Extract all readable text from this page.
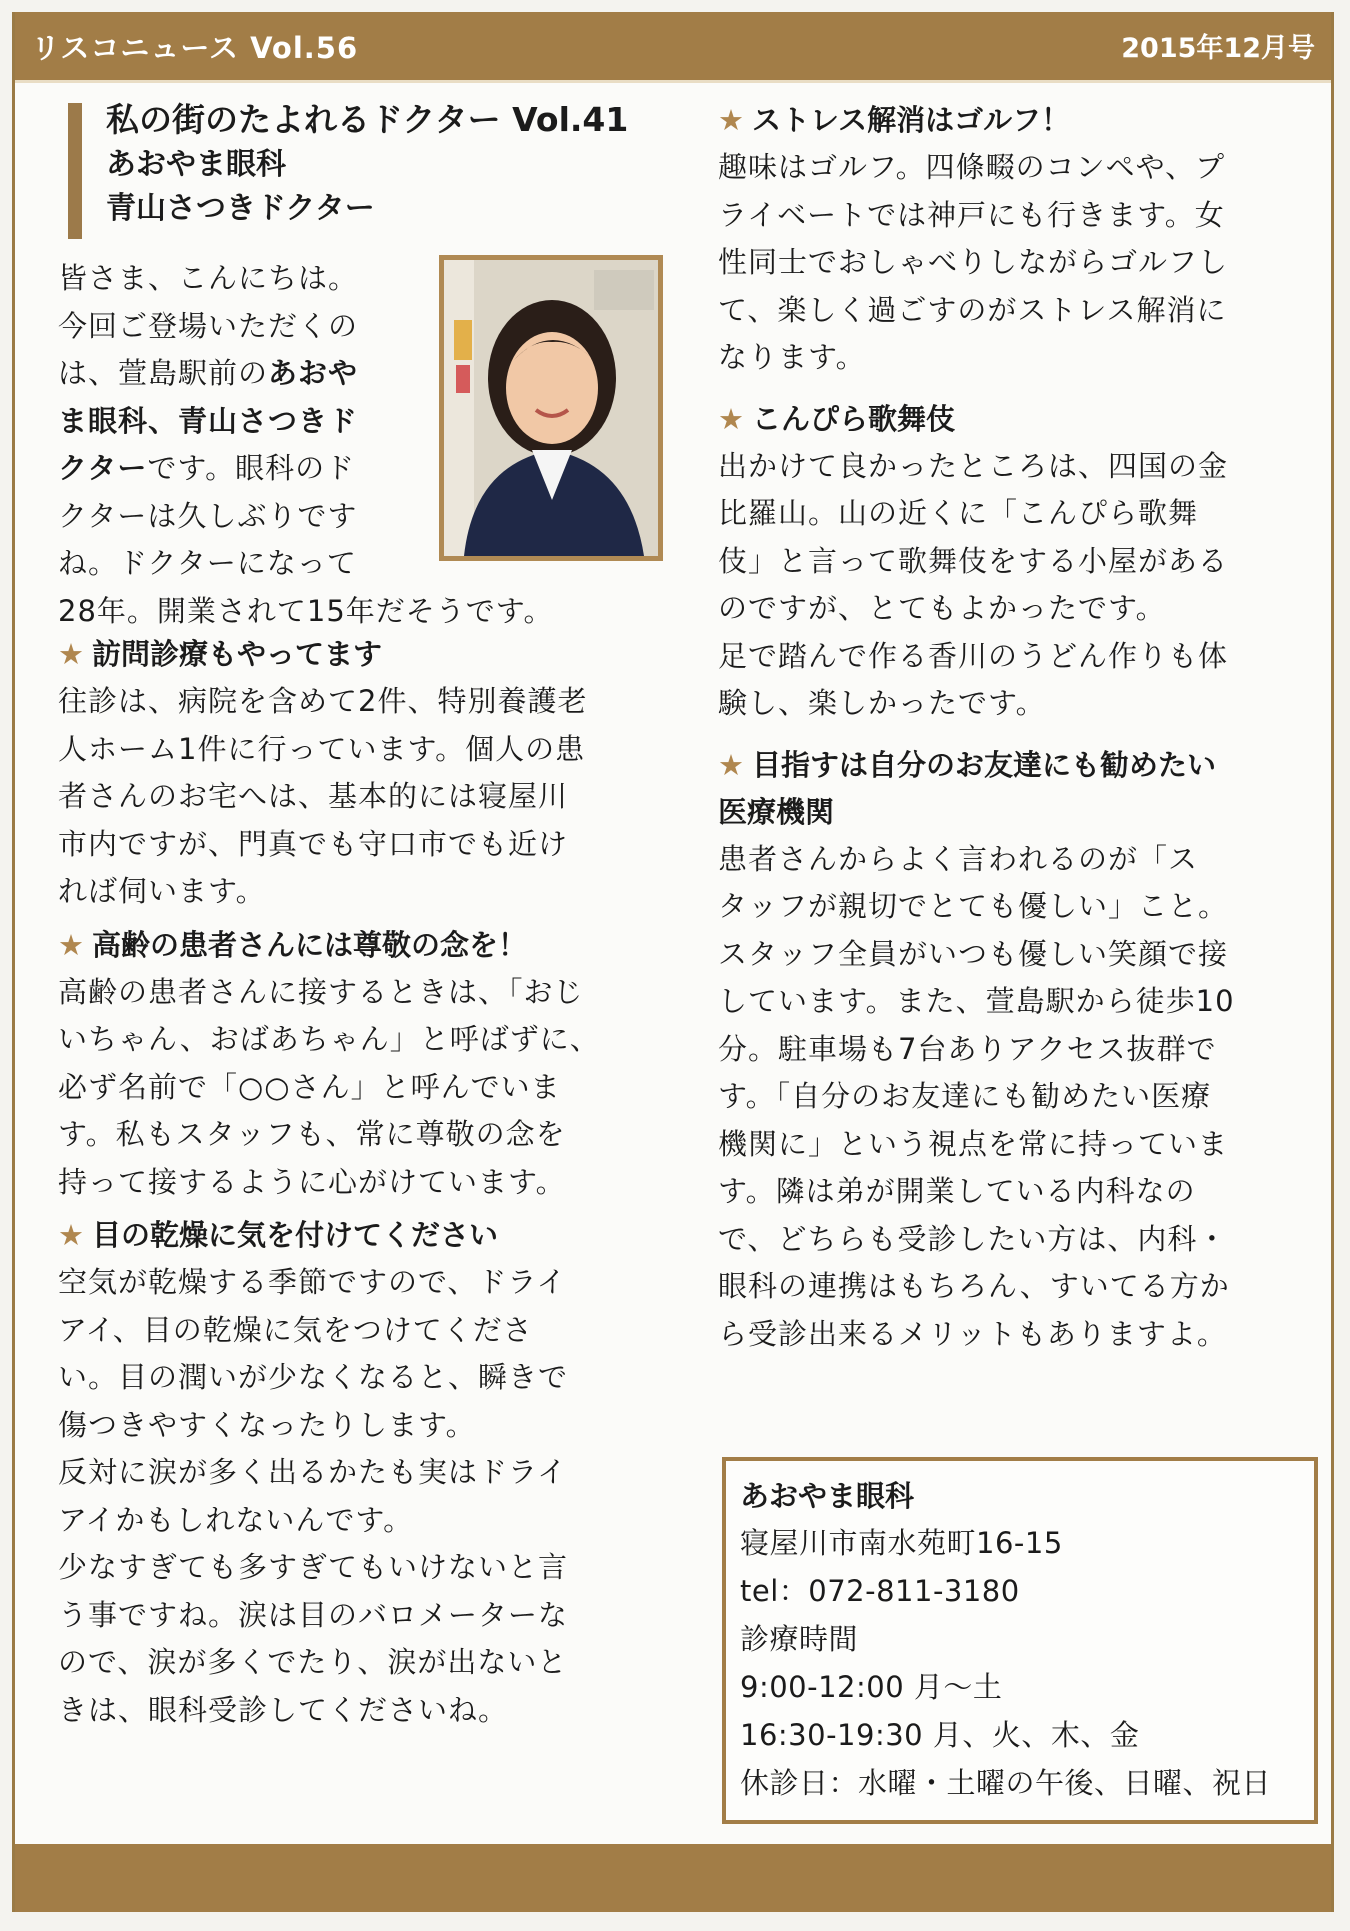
リスコニュース Vol.56	2015年12月号
私の街のたよれるドクター Vol.41
あおやま眼科
青山さつきドクター
皆さま、こんにちは。
今回ご登場いただくの
は、萱島駅前のあおや
ま眼科、青山さつきド
クターです。眼科のド
クターは久しぶりです
ね。ドクターになって
28年。開業されて15年だそうです。
★ 訪問診療もやってます
往診は、病院を含めて2件、特別養護老
人ホーム1件に行っています。個人の患
者さんのお宅へは、基本的には寝屋川
市内ですが、門真でも守口市でも近け
れば伺います。
★ 高齢の患者さんには尊敬の念を！
高齢の患者さんに接するときは、「おじ
いちゃん、おばあちゃん」と呼ばずに、
必ず名前で「○○さん」と呼んでいま
す。私もスタッフも、常に尊敬の念を
持って接するように心がけています。
★ 目の乾燥に気を付けてください
空気が乾燥する季節ですので、ドライ
アイ、目の乾燥に気をつけてくださ
い。目の潤いが少なくなると、瞬きで
傷つきやすくなったりします。
反対に涙が多く出るかたも実はドライ
アイかもしれないんです。
少なすぎても多すぎてもいけないと言
う事ですね。涙は目のバロメーターな
ので、涙が多くでたり、涙が出ないと
きは、眼科受診してくださいね。
★ ストレス解消はゴルフ！
趣味はゴルフ。四條畷のコンペや、プ
ライベートでは神戸にも行きます。女
性同士でおしゃべりしながらゴルフし
て、楽しく過ごすのがストレス解消に
なります。
★ こんぴら歌舞伎
出かけて良かったところは、四国の金
比羅山。山の近くに「こんぴら歌舞
伎」と言って歌舞伎をする小屋がある
のですが、とてもよかったです。
足で踏んで作る香川のうどん作りも体
験し、楽しかったです。
★ 目指すは自分のお友達にも勧めたい
医療機関
患者さんからよく言われるのが「ス
タッフが親切でとても優しい」こと。
スタッフ全員がいつも優しい笑顔で接
しています。また、萱島駅から徒歩10
分。駐車場も7台ありアクセス抜群で
す。「自分のお友達にも勧めたい医療
機関に」という視点を常に持っていま
す。隣は弟が開業している内科なの
で、どちらも受診したい方は、内科・
眼科の連携はもちろん、すいてる方か
ら受診出来るメリットもありますよ。
あおやま眼科
寝屋川市南水苑町16-15
tel：072-811-3180
診療時間
9:00-12:00 月〜土
16:30-19:30 月、火、木、金
休診日：水曜・土曜の午後、日曜、祝日
